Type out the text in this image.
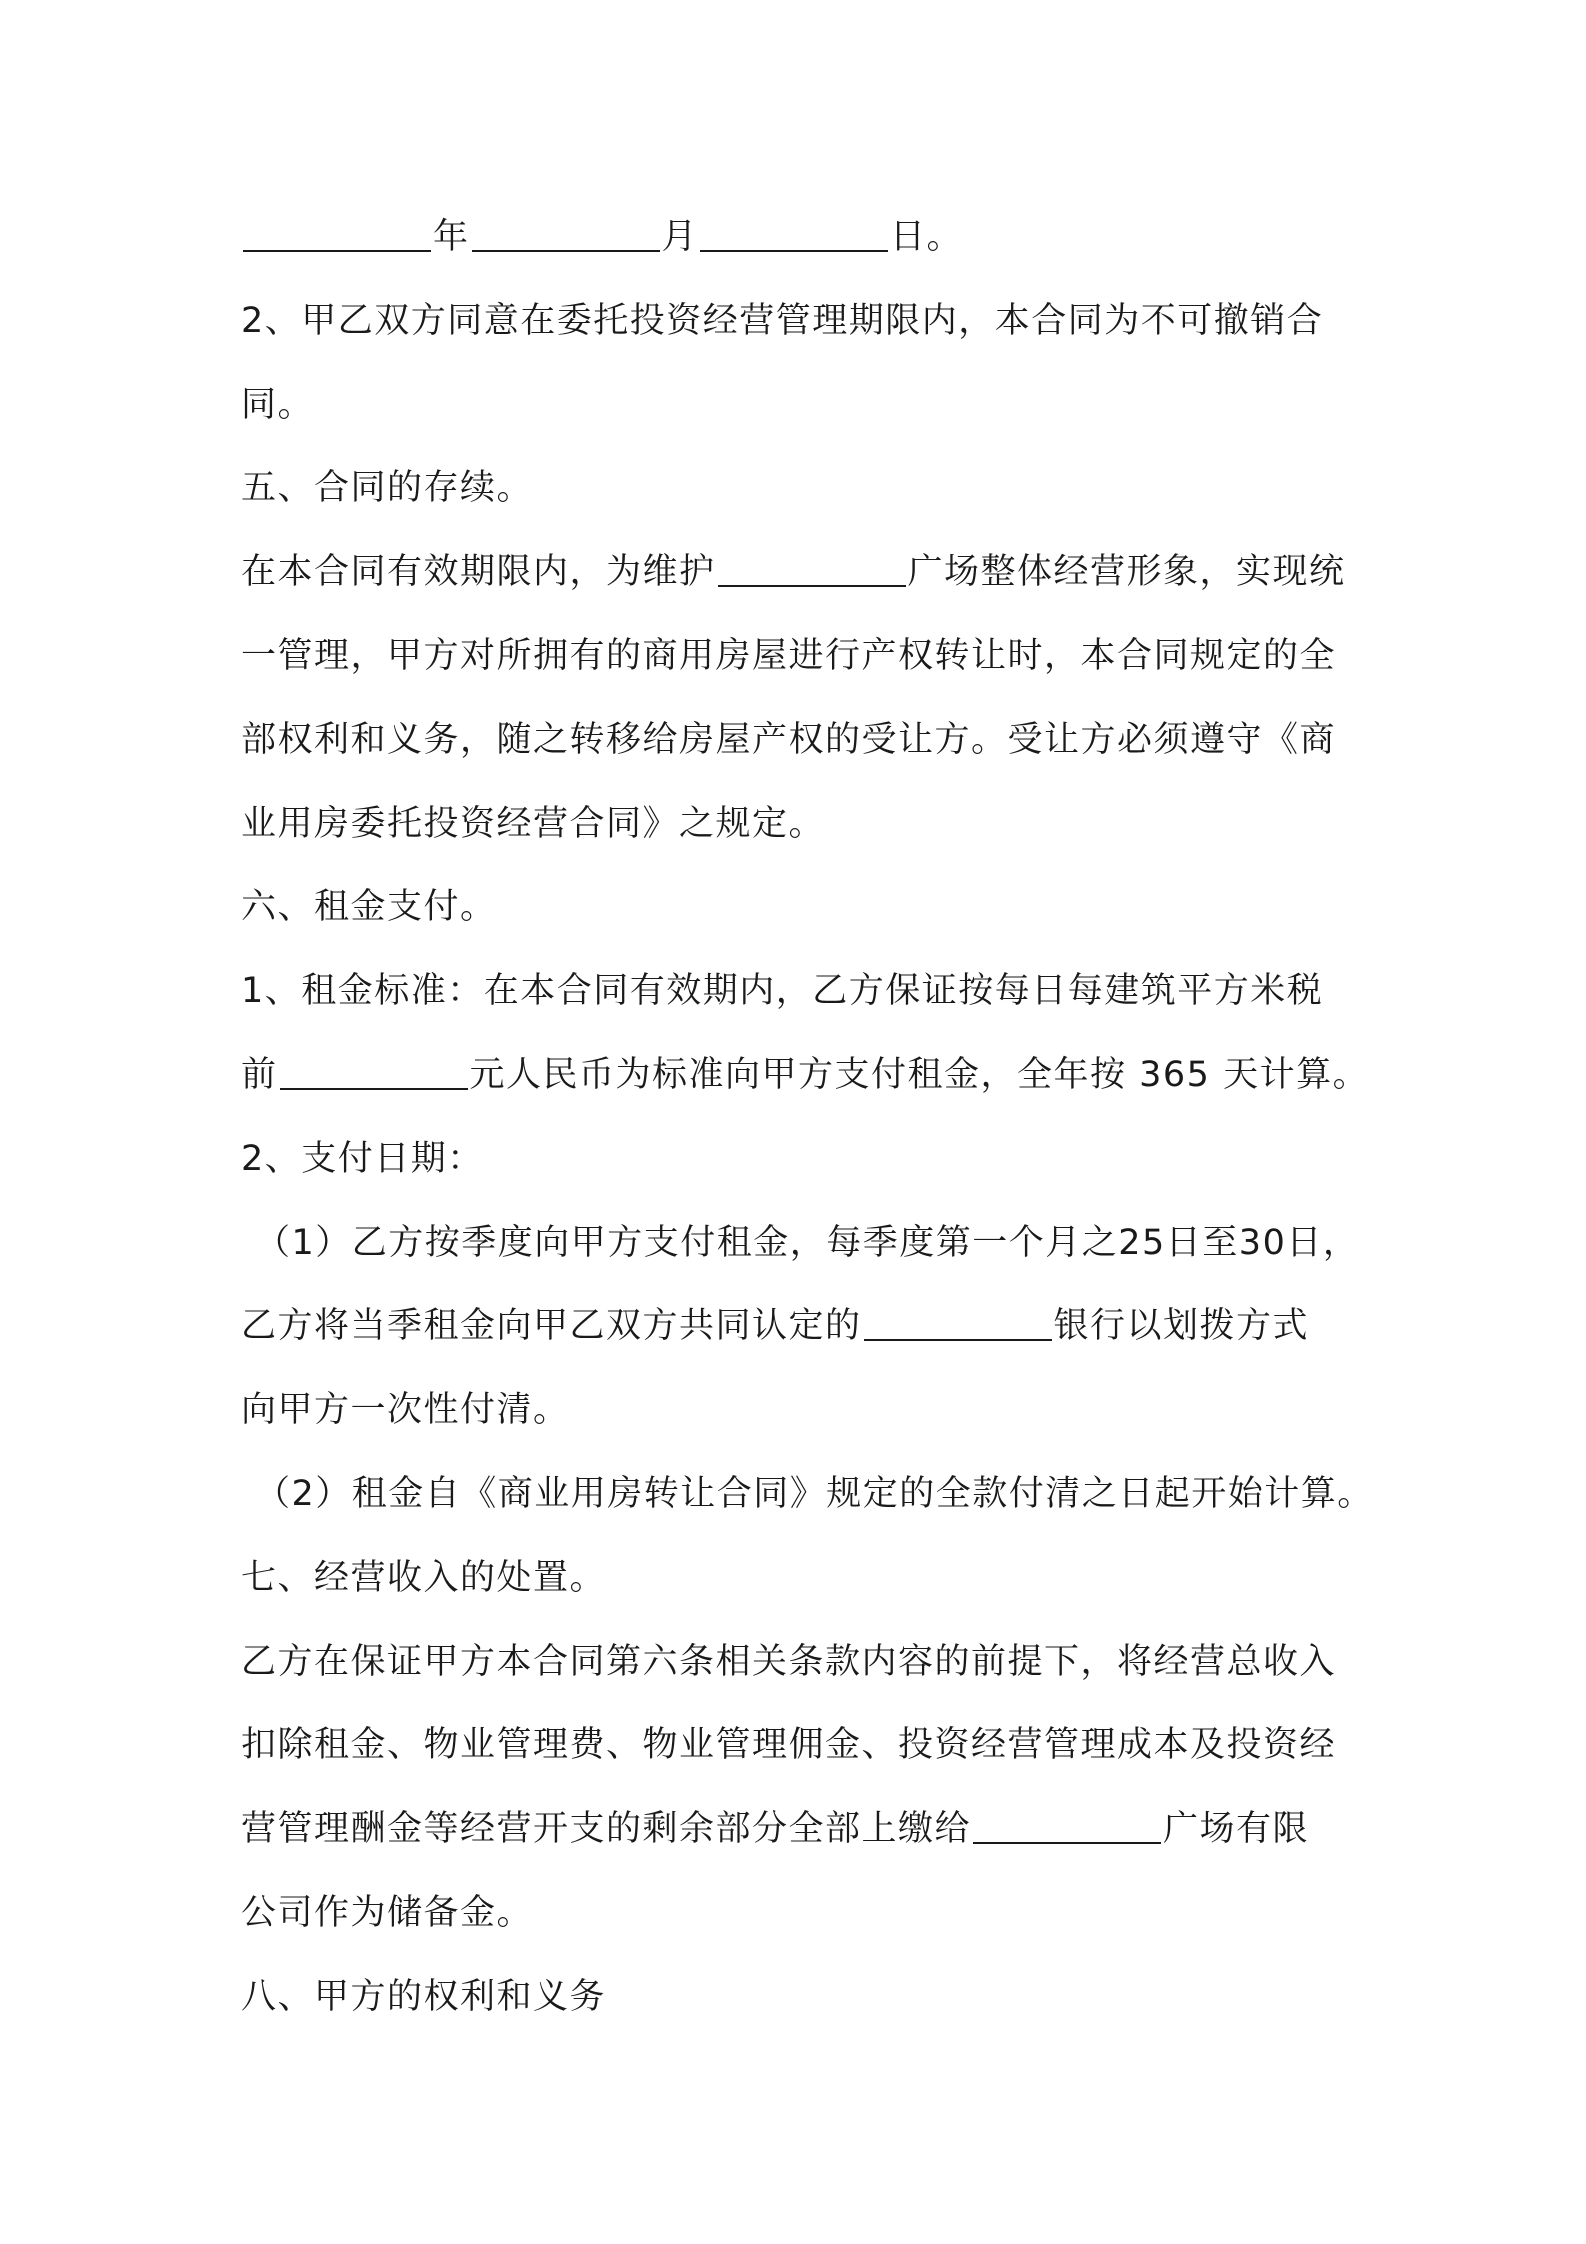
年	月	日。
2、甲乙双方同意在委托投资经营管理期限内，本合同为不可撤销合
同。
五、合同的存续。
在本合同有效期限内，为维护	广场整体经营形象，实现统
一管理，甲方对所拥有的商用房屋进行产权转让时，本合同规定的全
部权利和义务，随之转移给房屋产权的受让方。受让方必须遵守《商
业用房委托投资经营合同》之规定。
六、租金支付。
1、租金标准：在本合同有效期内，乙方保证按每日每建筑平方米税
前	元人民币为标准向甲方支付租金，全年按 365 天计算。
2、支付日期：
（1）乙方按季度向甲方支付租金，每季度第一个月之25日至30日，
乙方将当季租金向甲乙双方共同认定的	银行以划拨方式
向甲方一次性付清。
（2）租金自《商业用房转让合同》规定的全款付清之日起开始计算。
七、经营收入的处置。
乙方在保证甲方本合同第六条相关条款内容的前提下，将经营总收入
扣除租金、物业管理费、物业管理佣金、投资经营管理成本及投资经
营管理酬金等经营开支的剩余部分全部上缴给	广场有限
公司作为储备金。
八、甲方的权利和义务
